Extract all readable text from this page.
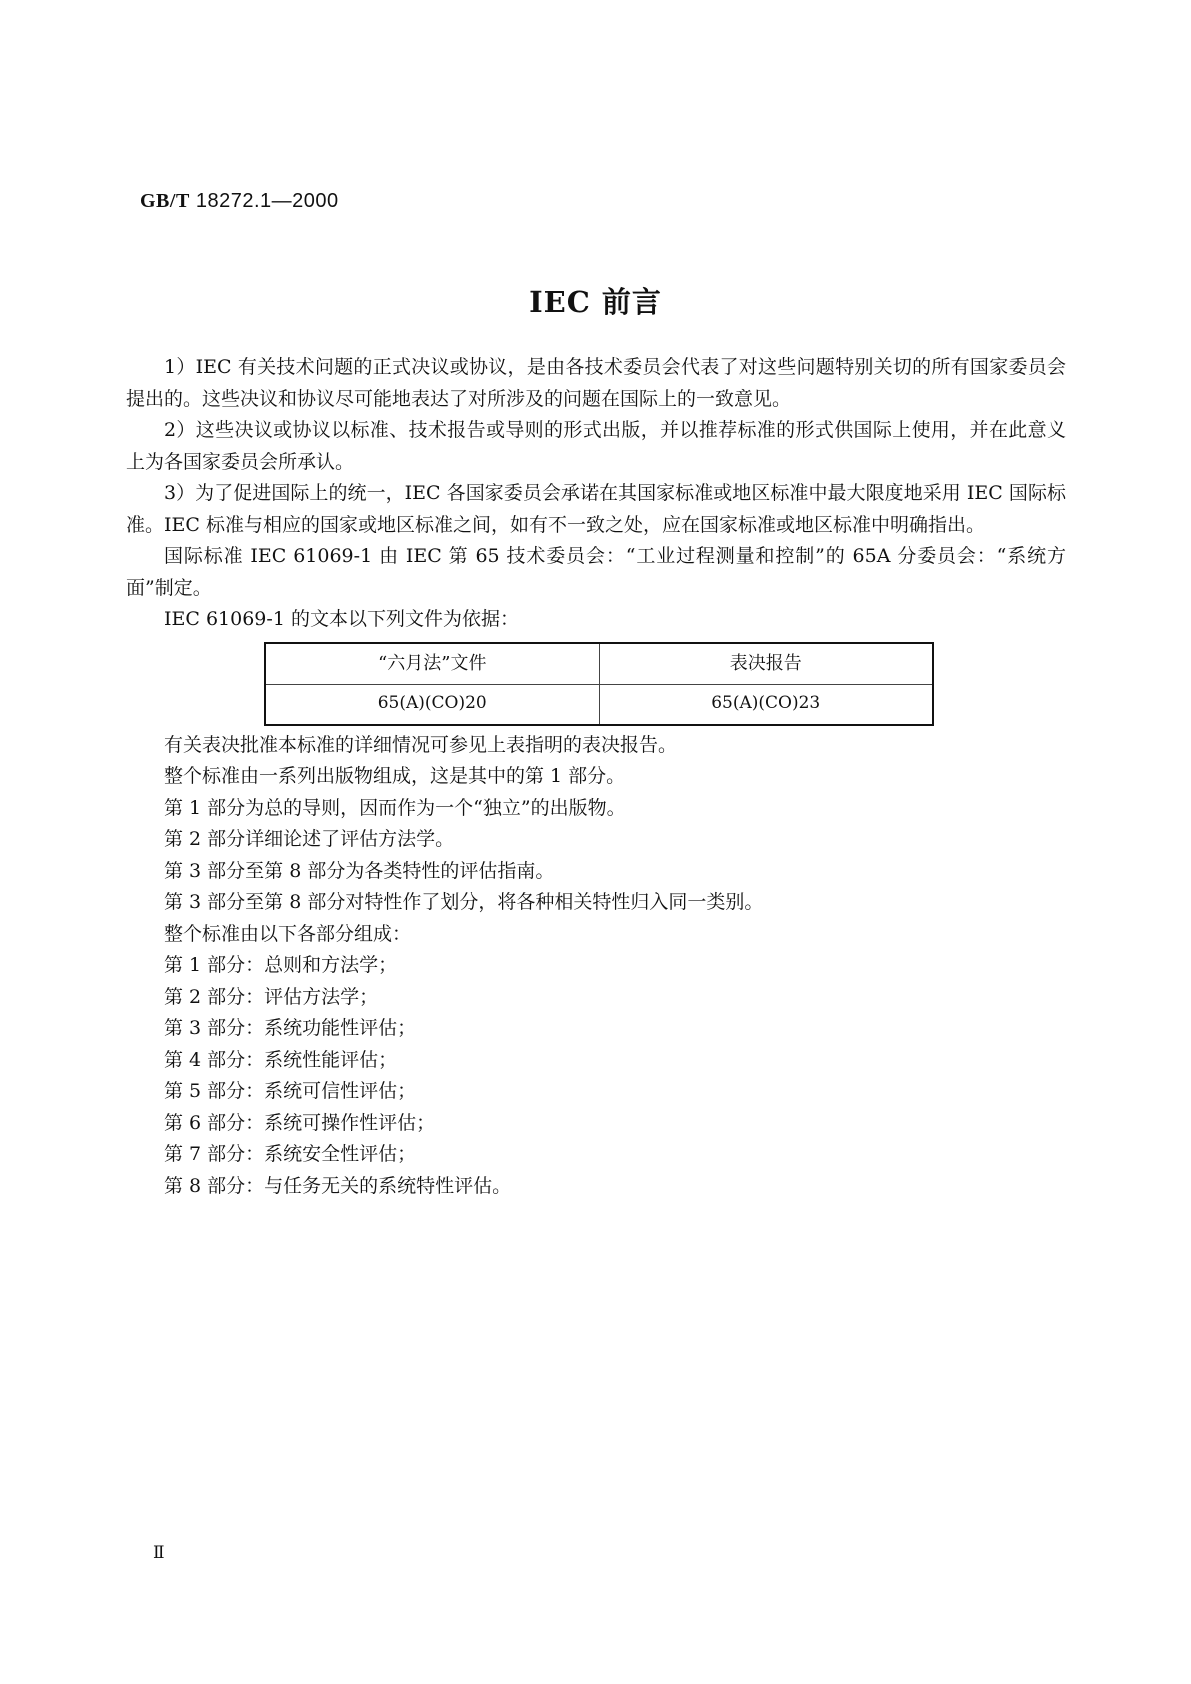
GB/T 18272.1—2000
IEC 前言

1）IEC 有关技术问题的正式决议或协议，是由各技术委员会代表了对这些问题特别关切的所有国家委员会提出的。这些决议和协议尽可能地表达了对所涉及的问题在国际上的一致意见。

2）这些决议或协议以标准、技术报告或导则的形式出版，并以推荐标准的形式供国际上使用，并在此意义上为各国家委员会所承认。

3）为了促进国际上的统一，IEC 各国家委员会承诺在其国家标准或地区标准中最大限度地采用 IEC 国际标准。IEC 标准与相应的国家或地区标准之间，如有不一致之处，应在国家标准或地区标准中明确指出。

国际标准 IEC 61069-1 由 IEC 第 65 技术委员会：“工业过程测量和控制”的 65A 分委员会：“系统方面”制定。

IEC 61069-1 的文本以下列文件为依据：

“六月法”文件	表决报告
65(A)(CO)20	65(A)(CO)23

有关表决批准本标准的详细情况可参见上表指明的表决报告。

整个标准由一系列出版物组成，这是其中的第 1 部分。

第 1 部分为总的导则，因而作为一个“独立”的出版物。

第 2 部分详细论述了评估方法学。

第 3 部分至第 8 部分为各类特性的评估指南。

第 3 部分至第 8 部分对特性作了划分，将各种相关特性归入同一类别。

整个标准由以下各部分组成：

第 1 部分：总则和方法学；

第 2 部分：评估方法学；

第 3 部分：系统功能性评估；

第 4 部分：系统性能评估；

第 5 部分：系统可信性评估；

第 6 部分：系统可操作性评估；

第 7 部分：系统安全性评估；

第 8 部分：与任务无关的系统特性评估。

Ⅱ
